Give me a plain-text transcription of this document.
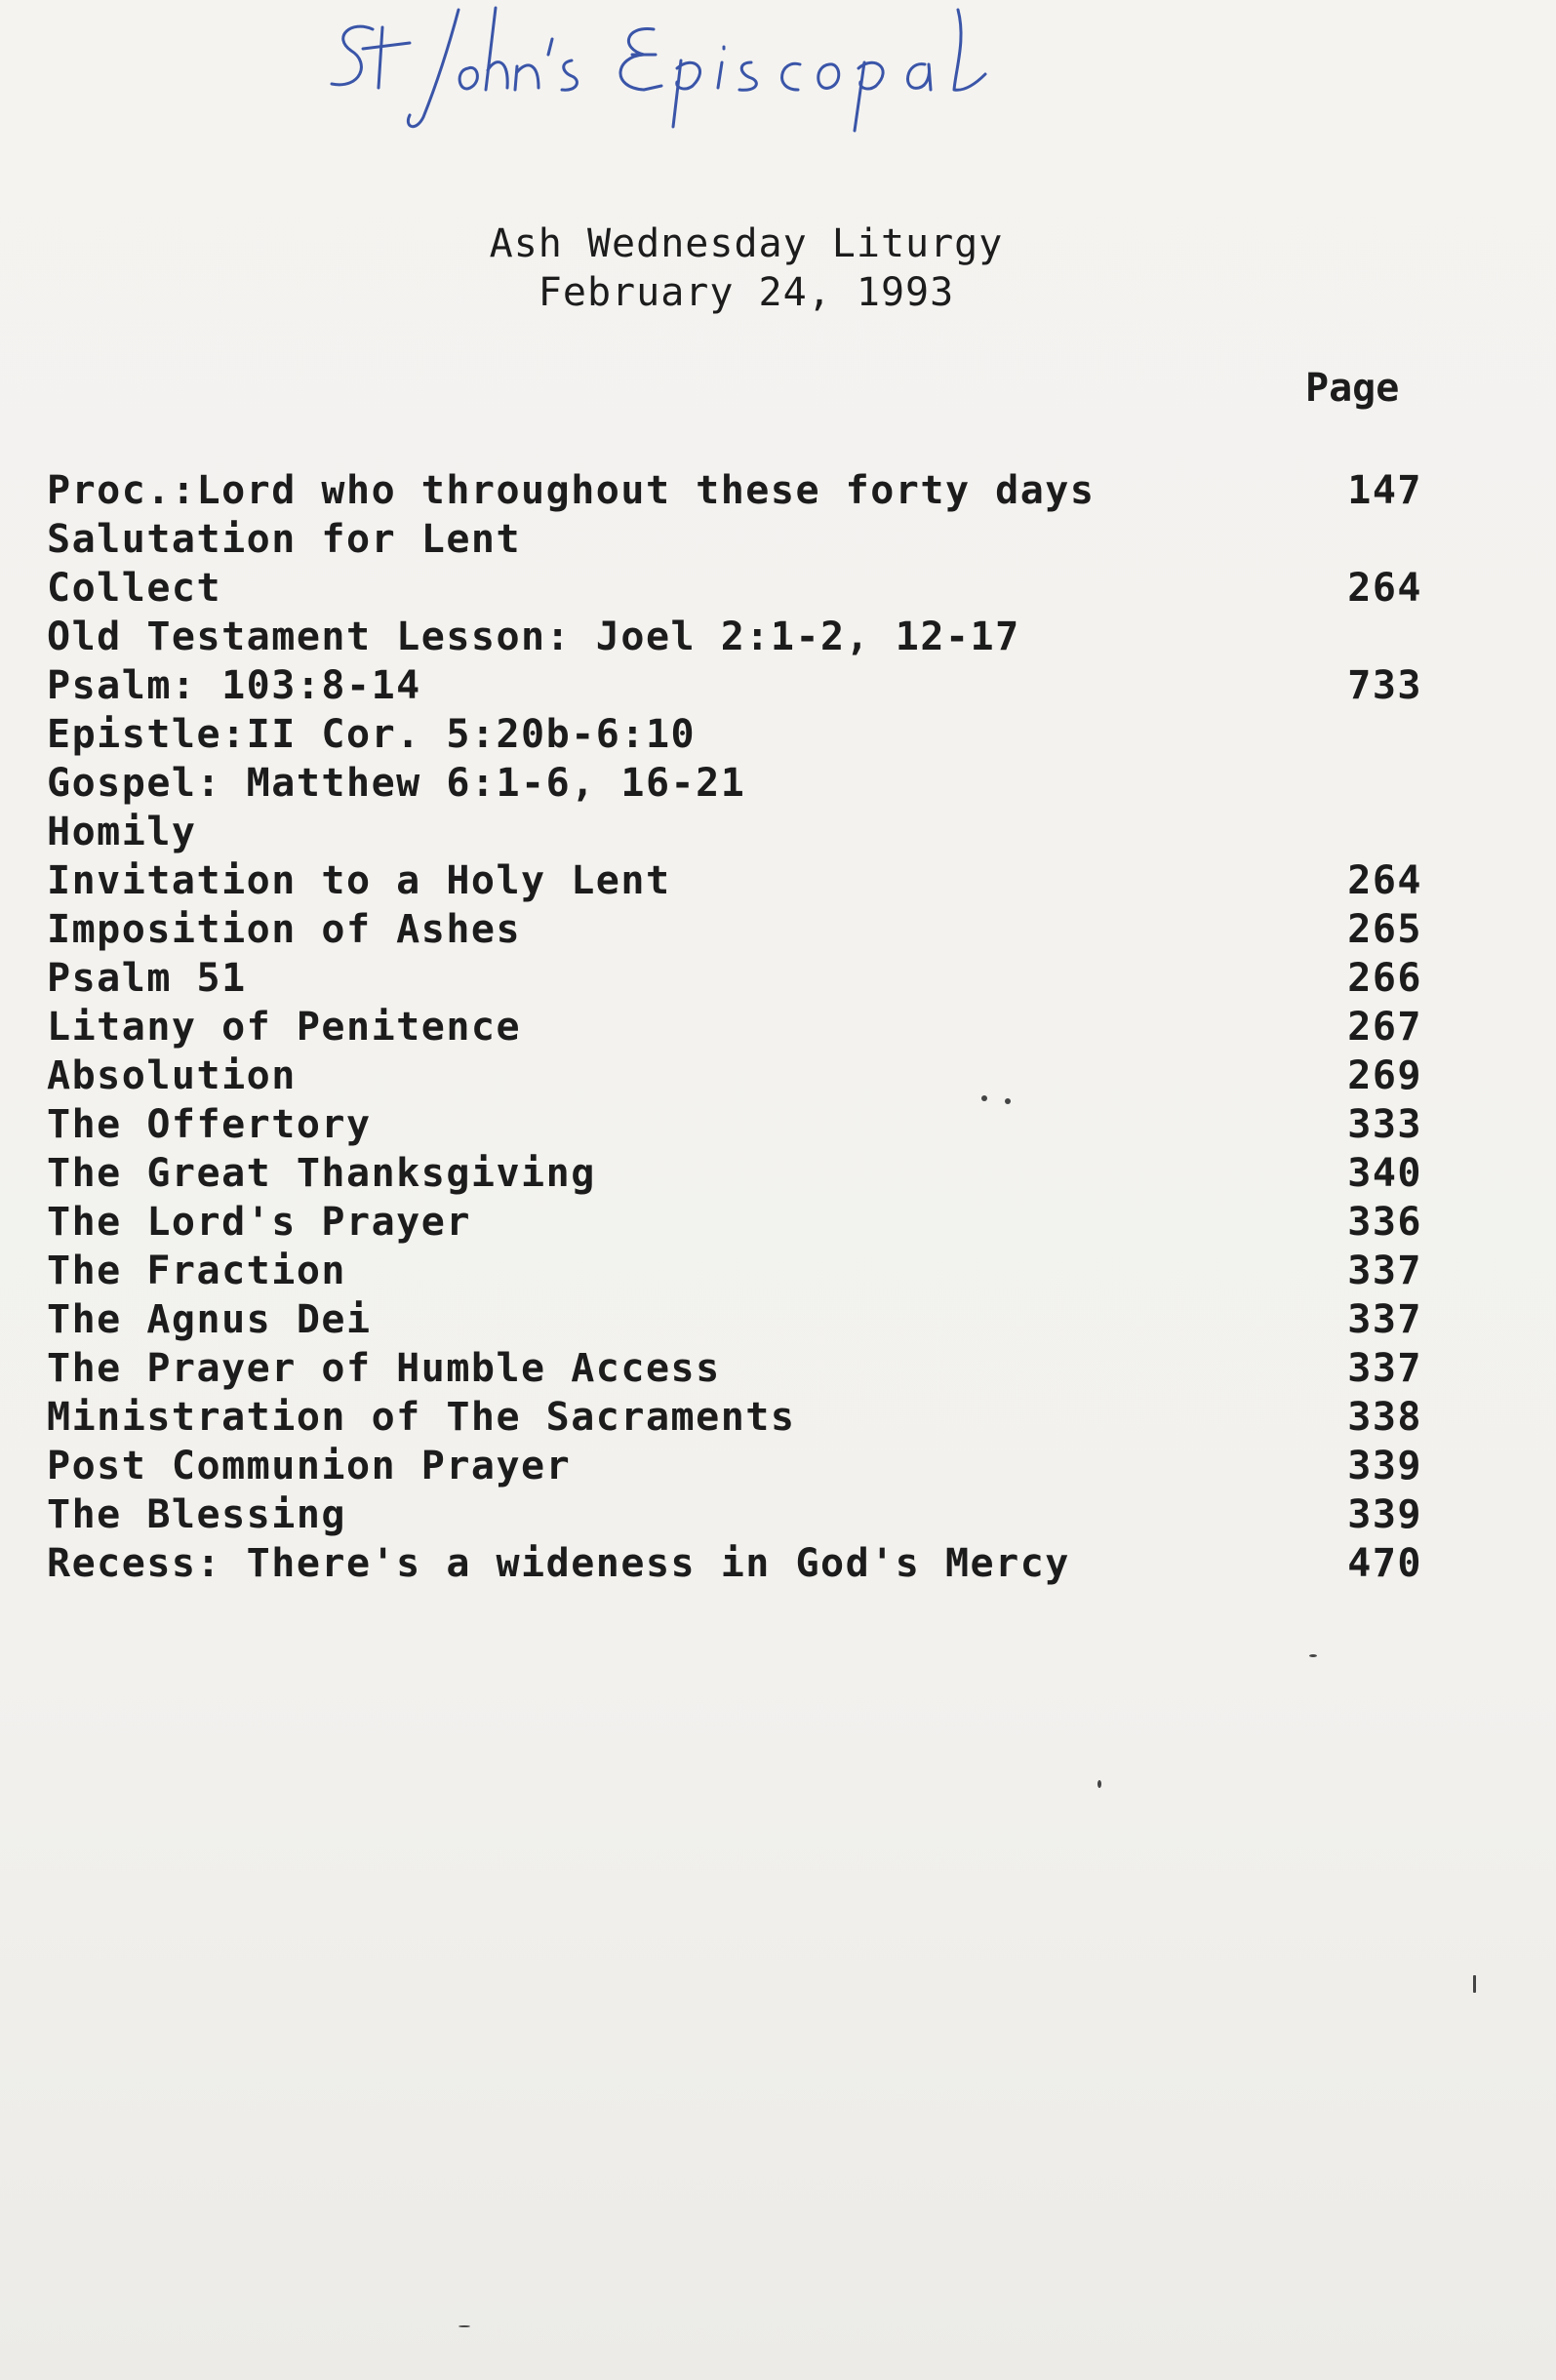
Ash Wednesday Liturgy
February 24, 1993
Page
Proc.:Lord who throughout these forty days	147
Salutation for Lent
Collect	264
Old Testament Lesson: Joel 2:1-2, 12-17
Psalm: 103:8-14	733
Epistle:II Cor. 5:20b-6:10
Gospel: Matthew 6:1-6, 16-21
Homily
Invitation to a Holy Lent	264
Imposition of Ashes	265
Psalm 51	266
Litany of Penitence	267
Absolution	269
The Offertory	333
The Great Thanksgiving	340
The Lord's Prayer	336
The Fraction	337
The Agnus Dei	337
The Prayer of Humble Access	337
Ministration of The Sacraments	338
Post Communion Prayer	339
The Blessing	339
Recess: There's a wideness in God's Mercy	470
